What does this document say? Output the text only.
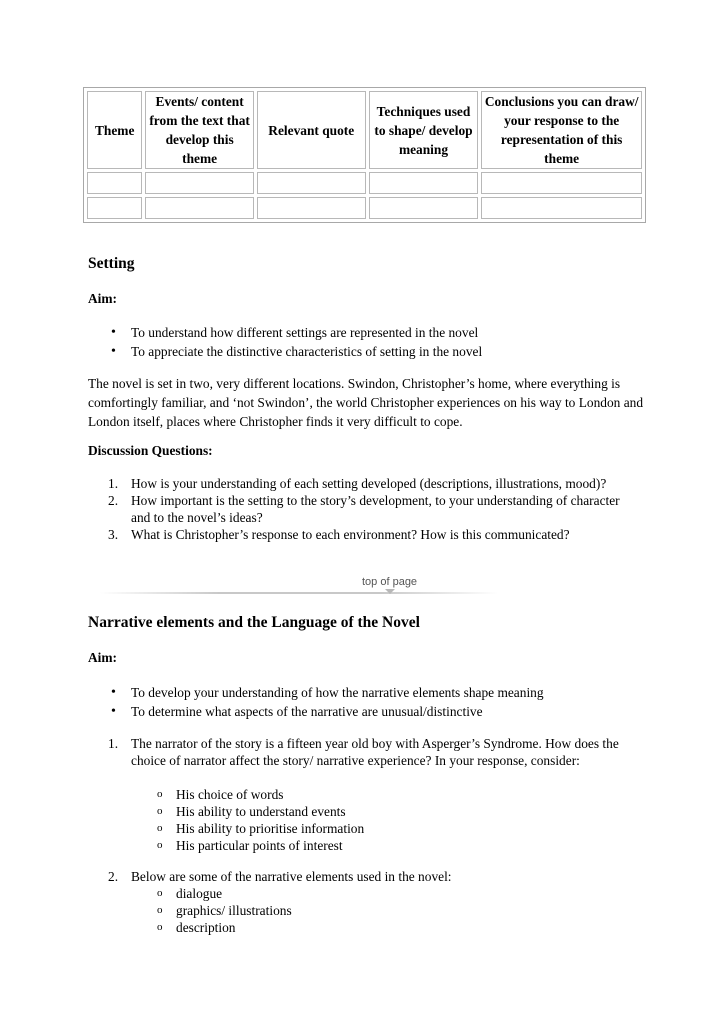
Theme	Events/ content from the text that develop this theme	Relevant quote	Techniques used to shape/ develop meaning	Conclusions you can draw/ your response to the representation of this theme

Setting
Aim:
• To understand how different settings are represented in the novel
• To appreciate the distinctive characteristics of setting in the novel
The novel is set in two, very different locations. Swindon, Christopher’s home, where everything is comfortingly familiar, and ‘not Swindon’, the world Christopher experiences on his way to London and London itself, places where Christopher finds it very difficult to cope.
Discussion Questions:
1. How is your understanding of each setting developed (descriptions, illustrations, mood)?
2. How important is the setting to the story’s development, to your understanding of character and to the novel’s ideas?
3. What is Christopher’s response to each environment? How is this communicated?
top of page
Narrative elements and the Language of the Novel
Aim:
• To develop your understanding of how the narrative elements shape meaning
• To determine what aspects of the narrative are unusual/distinctive
1. The narrator of the story is a fifteen year old boy with Asperger’s Syndrome. How does the choice of narrator affect the story/ narrative experience? In your response, consider:
o His choice of words
o His ability to understand events
o His ability to prioritise information
o His particular points of interest
2. Below are some of the narrative elements used in the novel:
o dialogue
o graphics/ illustrations
o description
